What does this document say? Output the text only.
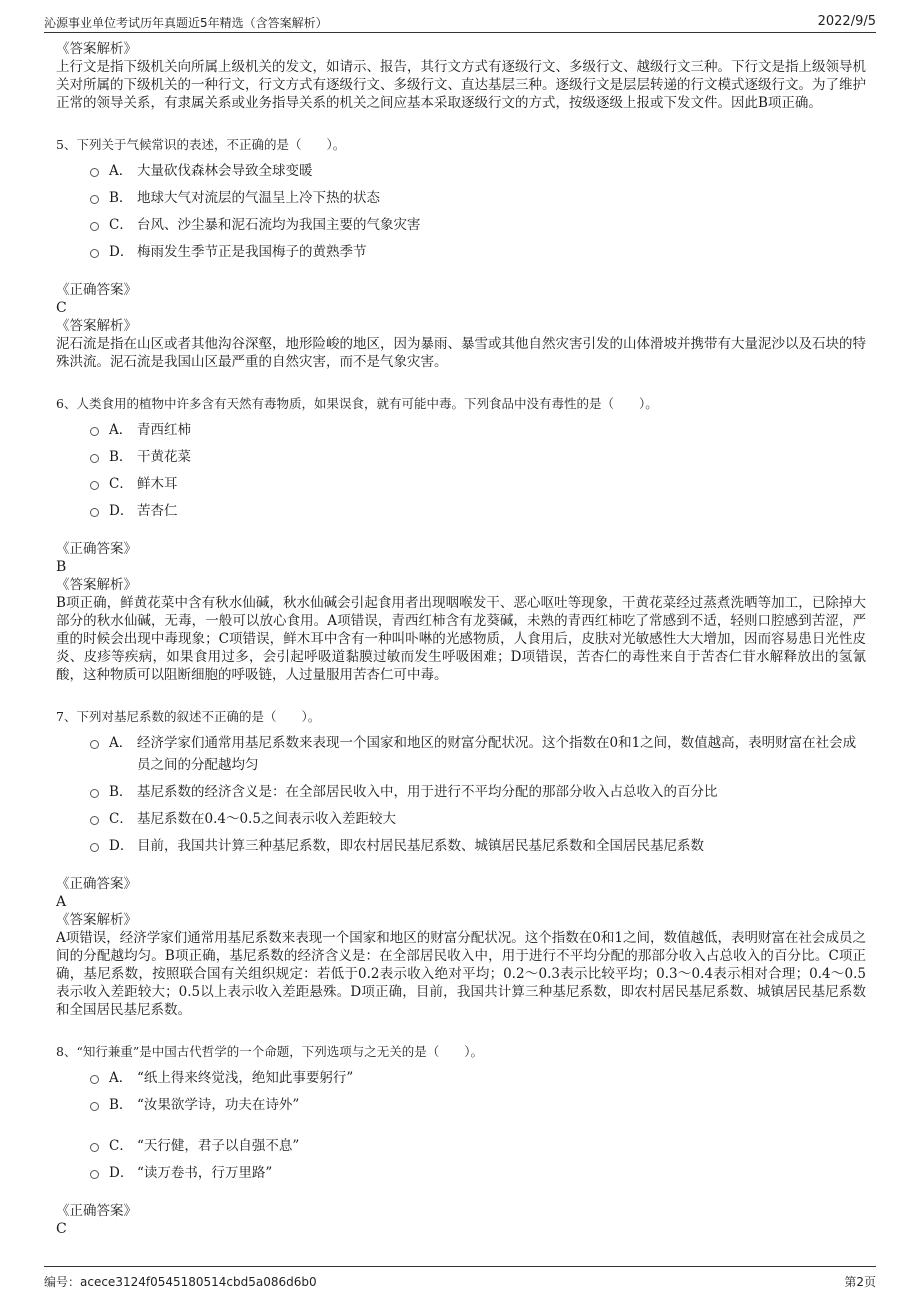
沁源事业单位考试历年真题近5年精选（含答案解析）	2022/9/5
《答案解析》
上行文是指下级机关向所属上级机关的发文，如请示、报告，其行文方式有逐级行文、多级行文、越级行文三种。下行文是指上级领导机关对所属的下级机关的一种行文，行文方式有逐级行文、多级行文、直达基层三种。逐级行文是层层转递的行文模式逐级行文。为了维护正常的领导关系，有隶属关系或业务指导关系的机关之间应基本采取逐级行文的方式，按级逐级上报或下发文件。因此B项正确。
5、下列关于气候常识的表述，不正确的是（　　）。
A． 大量砍伐森林会导致全球变暖
B． 地球大气对流层的气温呈上冷下热的状态
C． 台风、沙尘暴和泥石流均为我国主要的气象灾害
D． 梅雨发生季节正是我国梅子的黄熟季节
《正确答案》
C
《答案解析》
泥石流是指在山区或者其他沟谷深壑，地形险峻的地区，因为暴雨、暴雪或其他自然灾害引发的山体滑坡并携带有大量泥沙以及石块的特殊洪流。泥石流是我国山区最严重的自然灾害，而不是气象灾害。
6、人类食用的植物中许多含有天然有毒物质，如果误食，就有可能中毒。下列食品中没有毒性的是（　　）。
A． 青西红柿
B． 干黄花菜
C． 鲜木耳
D． 苦杏仁
《正确答案》
B
《答案解析》
B项正确，鲜黄花菜中含有秋水仙碱，秋水仙碱会引起食用者出现咽喉发干、恶心呕吐等现象，干黄花菜经过蒸煮洗晒等加工，已除掉大部分的秋水仙碱，无毒，一般可以放心食用。A项错误，青西红柿含有龙葵碱，未熟的青西红柿吃了常感到不适，轻则口腔感到苦涩，严重的时候会出现中毒现象；C项错误，鲜木耳中含有一种叫卟啉的光感物质，人食用后，皮肤对光敏感性大大增加，因而容易患日光性皮炎、皮疹等疾病，如果食用过多，会引起呼吸道黏膜过敏而发生呼吸困难；D项错误，苦杏仁的毒性来自于苦杏仁苷水解释放出的氢氰酸，这种物质可以阻断细胞的呼吸链，人过量服用苦杏仁可中毒。
7、下列对基尼系数的叙述不正确的是（　　）。
A． 经济学家们通常用基尼系数来表现一个国家和地区的财富分配状况。这个指数在0和1之间，数值越高，表明财富在社会成员之间的分配越均匀
B． 基尼系数的经济含义是：在全部居民收入中，用于进行不平均分配的那部分收入占总收入的百分比
C． 基尼系数在0.4～0.5之间表示收入差距较大
D． 目前，我国共计算三种基尼系数，即农村居民基尼系数、城镇居民基尼系数和全国居民基尼系数
《正确答案》
A
《答案解析》
A项错误，经济学家们通常用基尼系数来表现一个国家和地区的财富分配状况。这个指数在0和1之间，数值越低，表明财富在社会成员之间的分配越均匀。B项正确，基尼系数的经济含义是：在全部居民收入中，用于进行不平均分配的那部分收入占总收入的百分比。C项正确，基尼系数，按照联合国有关组织规定：若低于0.2表示收入绝对平均；0.2～0.3表示比较平均；0.3～0.4表示相对合理；0.4～0.5表示收入差距较大；0.5以上表示收入差距悬殊。D项正确，目前，我国共计算三种基尼系数，即农村居民基尼系数、城镇居民基尼系数和全国居民基尼系数。
8、“知行兼重”是中国古代哲学的一个命题，下列选项与之无关的是（　　）。
A． “纸上得来终觉浅，绝知此事要躬行”
B． “汝果欲学诗，功夫在诗外”
C． “天行健，君子以自强不息”
D． “读万卷书，行万里路”
《正确答案》
C
编号：acece3124f0545180514cbd5a086d6b0	第2页
